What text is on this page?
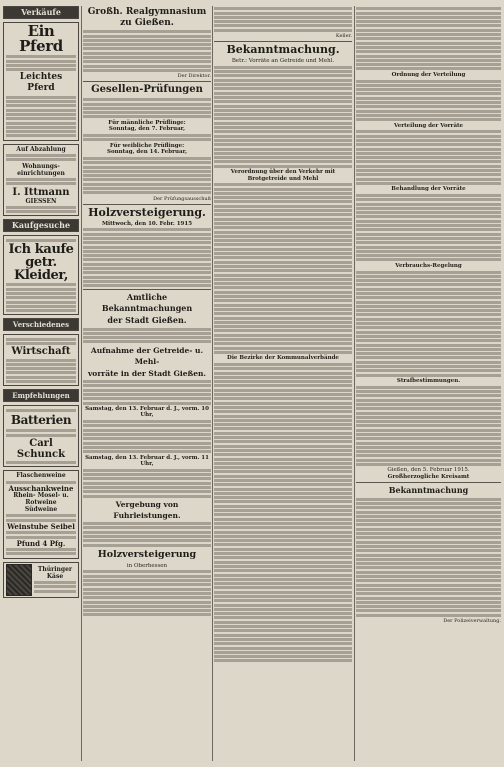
Verkäufe
Ein Pferd
Leichtes Pferd
Auf Abzahlung
Wohnungs-einrichtungen
I. Ittmann
GIESSEN
Kaufgesuche
Ich kaufe getr. Kleider,
Verschiedenes
Wirtschaft
Empfehlungen
Batterien
Carl Schunck
Flaschenweine
Ausschankweine
Rhein- Mosel- u. Rotweine
Südweine
Weinstube Seibel
Pfund 4 Pfg.
Thüringer Käse
Großh. Realgymnasium zu Gießen.
Der Direktor.
Gesellen-Prüfungen
Für männliche Prüflinge:
Sonntag, den 7. Februar,
Für weibliche Prüflinge:
Sonntag, den 14. Februar,
Der Prüfungsausschuß
Holzversteigerung.
Mittwoch, den 10. Febr. 1915
Amtliche Bekanntmachungen
der Stadt Gießen.
Aufnahme der Getreide- u. Mehl-
vorräte in der Stadt Gießen.
Samstag, den 13. Februar d. J., vorm. 10 Uhr,
Samstag, den 13. Februar d. J., vorm. 11 Uhr,
Vergebung von Fuhrleistungen.
Holzversteigerung
in Oberhessen
Keller.
Bekanntmachung.
Betr.: Vorräte an Getreide und Mehl.
Verordnung über den Verkehr mit Brotgetreide und Mehl
Die Bezirke der Kommunalverbände
Ordnung der Verteilung
Verteilung der Vorräte
Behandlung der Vorräte
Verbrauchs-Regelung
Strafbestimmungen.
Gießen, den 5. Februar 1915.
Großherzogliche Kreisamt
Bekanntmachung
Der Polizeiverwaltung.
